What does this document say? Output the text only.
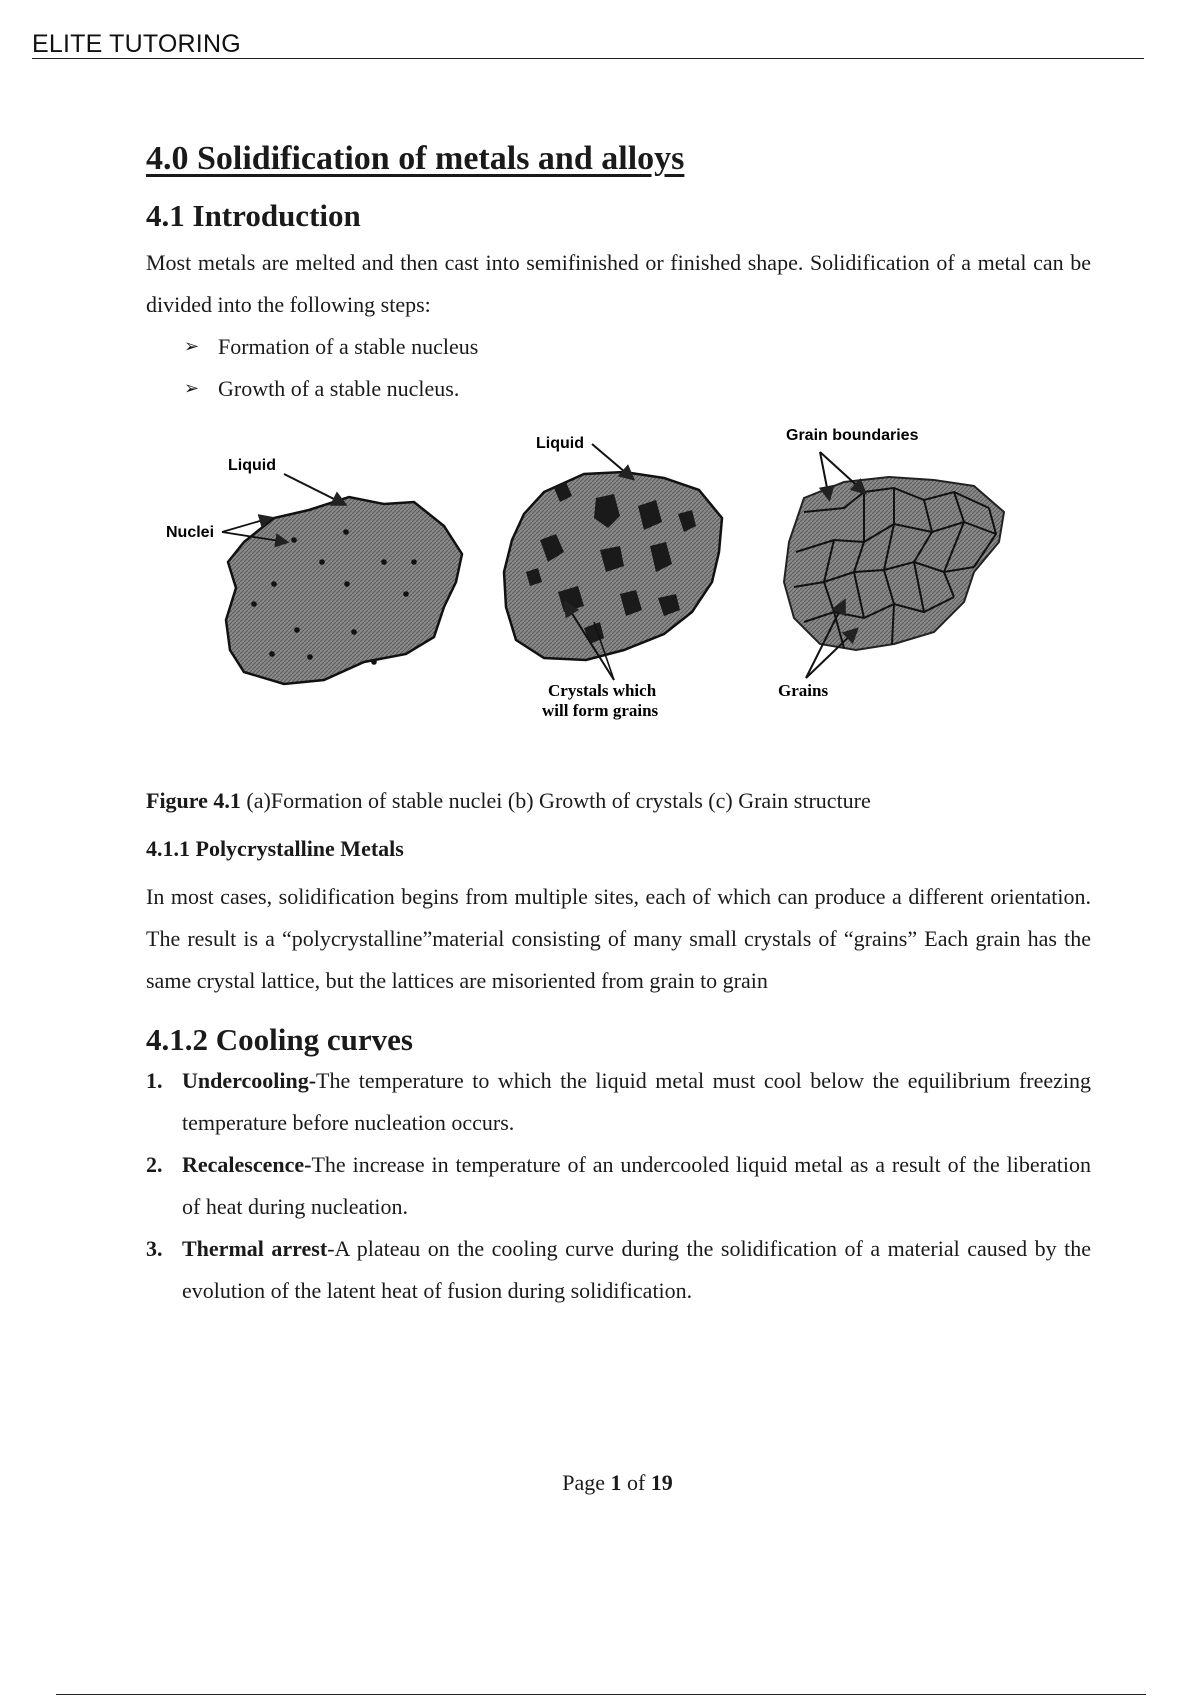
ELITE TUTORING
4.0 Solidification of metals and alloys
4.1 Introduction

Most metals are melted and then cast into semifinished or finished shape. Solidification of a metal can be divided into the following steps:

➢ Formation of a stable nucleus
➢ Growth of a stable nucleus.
Liquid
Nuclei
Liquid
Crystals which
will form grains
Grain boundaries
Grains
Figure 4.1 (a)Formation of stable nuclei (b) Growth of crystals (c) Grain structure
4.1.1 Polycrystalline Metals

In most cases, solidification begins from multiple sites, each of which can produce a different orientation. The result is a “polycrystalline”material consisting of many small crystals of “grains” Each grain has the same crystal lattice, but the lattices are misoriented from grain to grain

4.1.2 Cooling curves
1. Undercooling-The temperature to which the liquid metal must cool below the equilibrium freezing temperature before nucleation occurs.
2. Recalescence-The increase in temperature of an undercooled liquid metal as a result of the liberation of heat during nucleation.
3. Thermal arrest-A plateau on the cooling curve during the solidification of a material caused by the evolution of the latent heat of fusion during solidification.
Page 1 of 19
